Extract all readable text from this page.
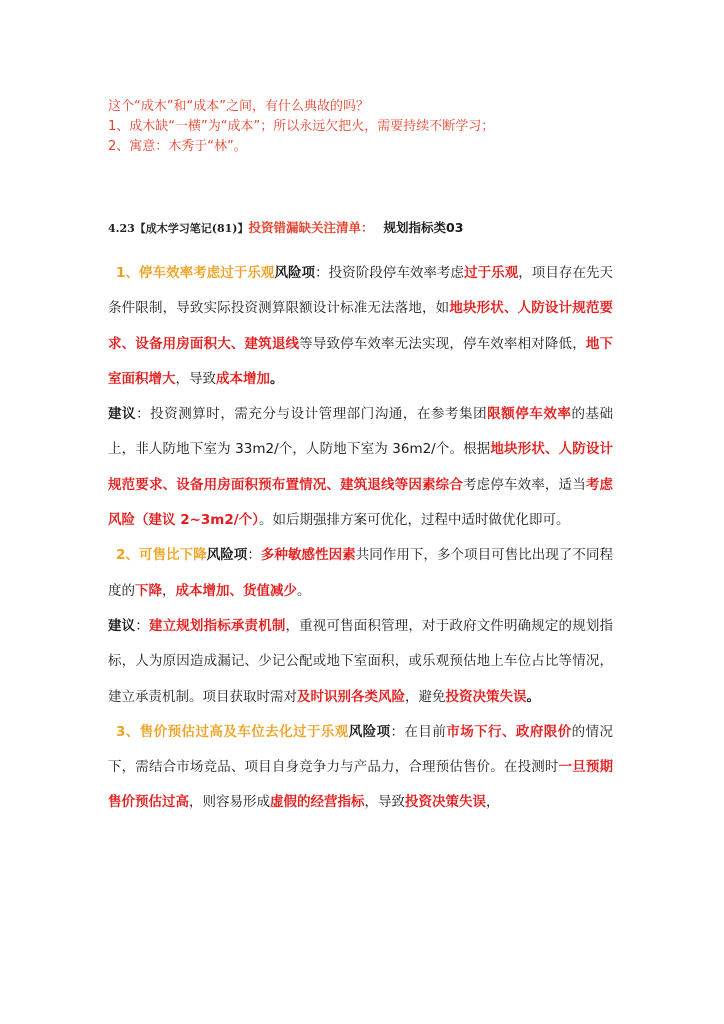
这个“成木”和“成本”之间，有什么典故的吗？

1、成木缺“一横”为“成本”；所以永远欠把火，需要持续不断学习；

2、寓意：木秀于“林”。

4.23【成木学习笔记(81)】投资错漏缺关注清单： 规划指标类03

1、停车效率考虑过于乐观风险项：投资阶段停车效率考虑过于乐观，项目存在先天条件限制，导致实际投资测算限额设计标准无法落地，如地块形状、人防设计规范要求、设备用房面积大、建筑退线等导致停车效率无法实现，停车效率相对降低，地下室面积增大，导致成本增加。

建议：投资测算时，需充分与设计管理部门沟通，在参考集团限额停车效率的基础上，非人防地下室为 33m2/个，人防地下室为 36m2/个。根据地块形状、人防设计规范要求、设备用房面积预布置情况、建筑退线等因素综合考虑停车效率，适当考虑风险（建议 2~3m2/个）。如后期强排方案可优化，过程中适时做优化即可。

2、可售比下降风险项：多种敏感性因素共同作用下，多个项目可售比出现了不同程度的下降，成本增加、货值减少。

建议：建立规划指标承责机制，重视可售面积管理，对于政府文件明确规定的规划指标，人为原因造成漏记、少记公配或地下室面积，或乐观预估地上车位占比等情况，建立承责机制。项目获取时需对及时识别各类风险，避免投资决策失误。

3、售价预估过高及车位去化过于乐观风险项：在目前市场下行、政府限价的情况下，需结合市场竞品、项目自身竞争力与产品力，合理预估售价。在投测时一旦预期售价预估过高，则容易形成虚假的经营指标，导致投资决策失误，
